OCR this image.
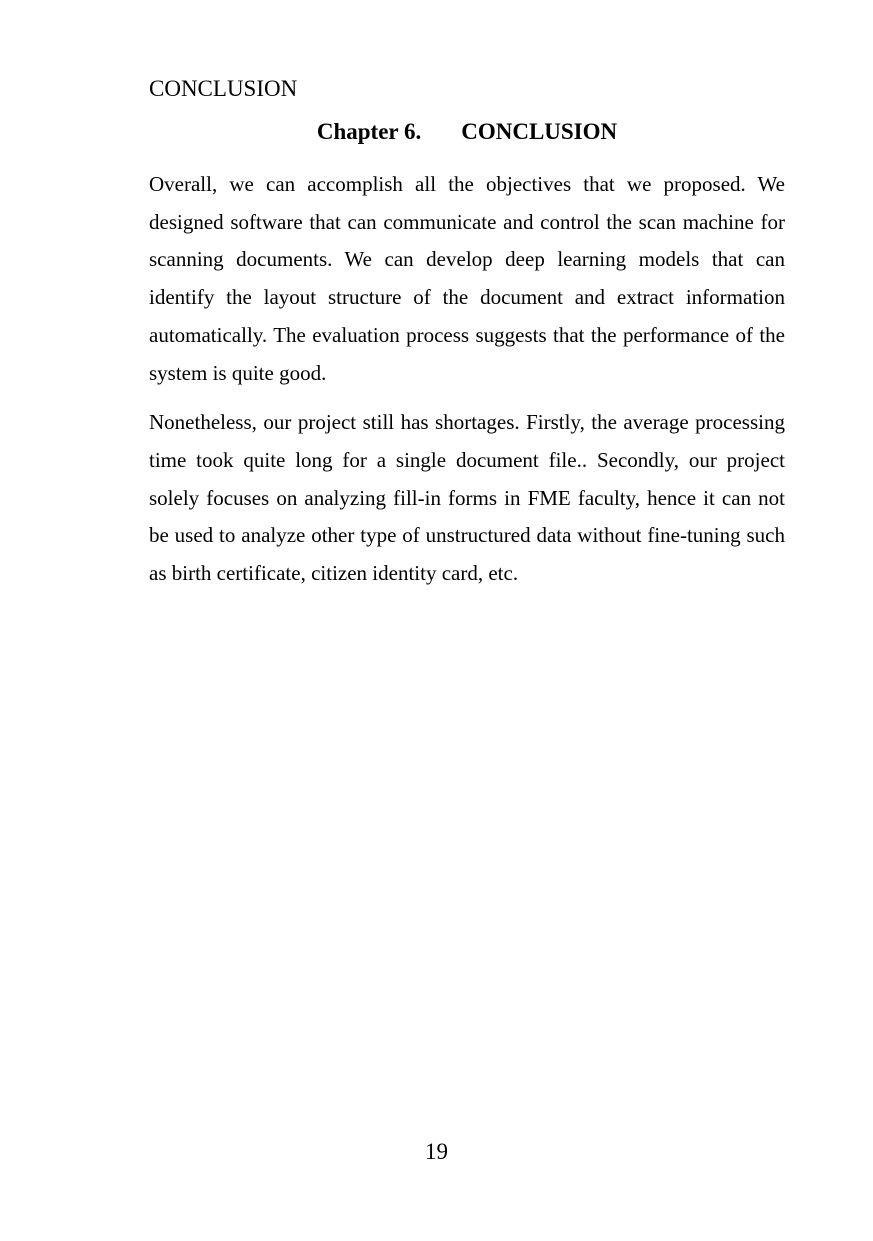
CONCLUSION
Chapter 6. CONCLUSION

Overall, we can accomplish all the objectives that we proposed. We designed software that can communicate and control the scan machine for scanning documents. We can develop deep learning models that can identify the layout structure of the document and extract information automatically. The evaluation process suggests that the performance of the system is quite good.

Nonetheless, our project still has shortages. Firstly, the average processing time took quite long for a single document file.. Secondly, our project solely focuses on analyzing fill-in forms in FME faculty, hence it can not be used to analyze other type of unstructured data without fine-tuning such as birth certificate, citizen identity card, etc.

19
